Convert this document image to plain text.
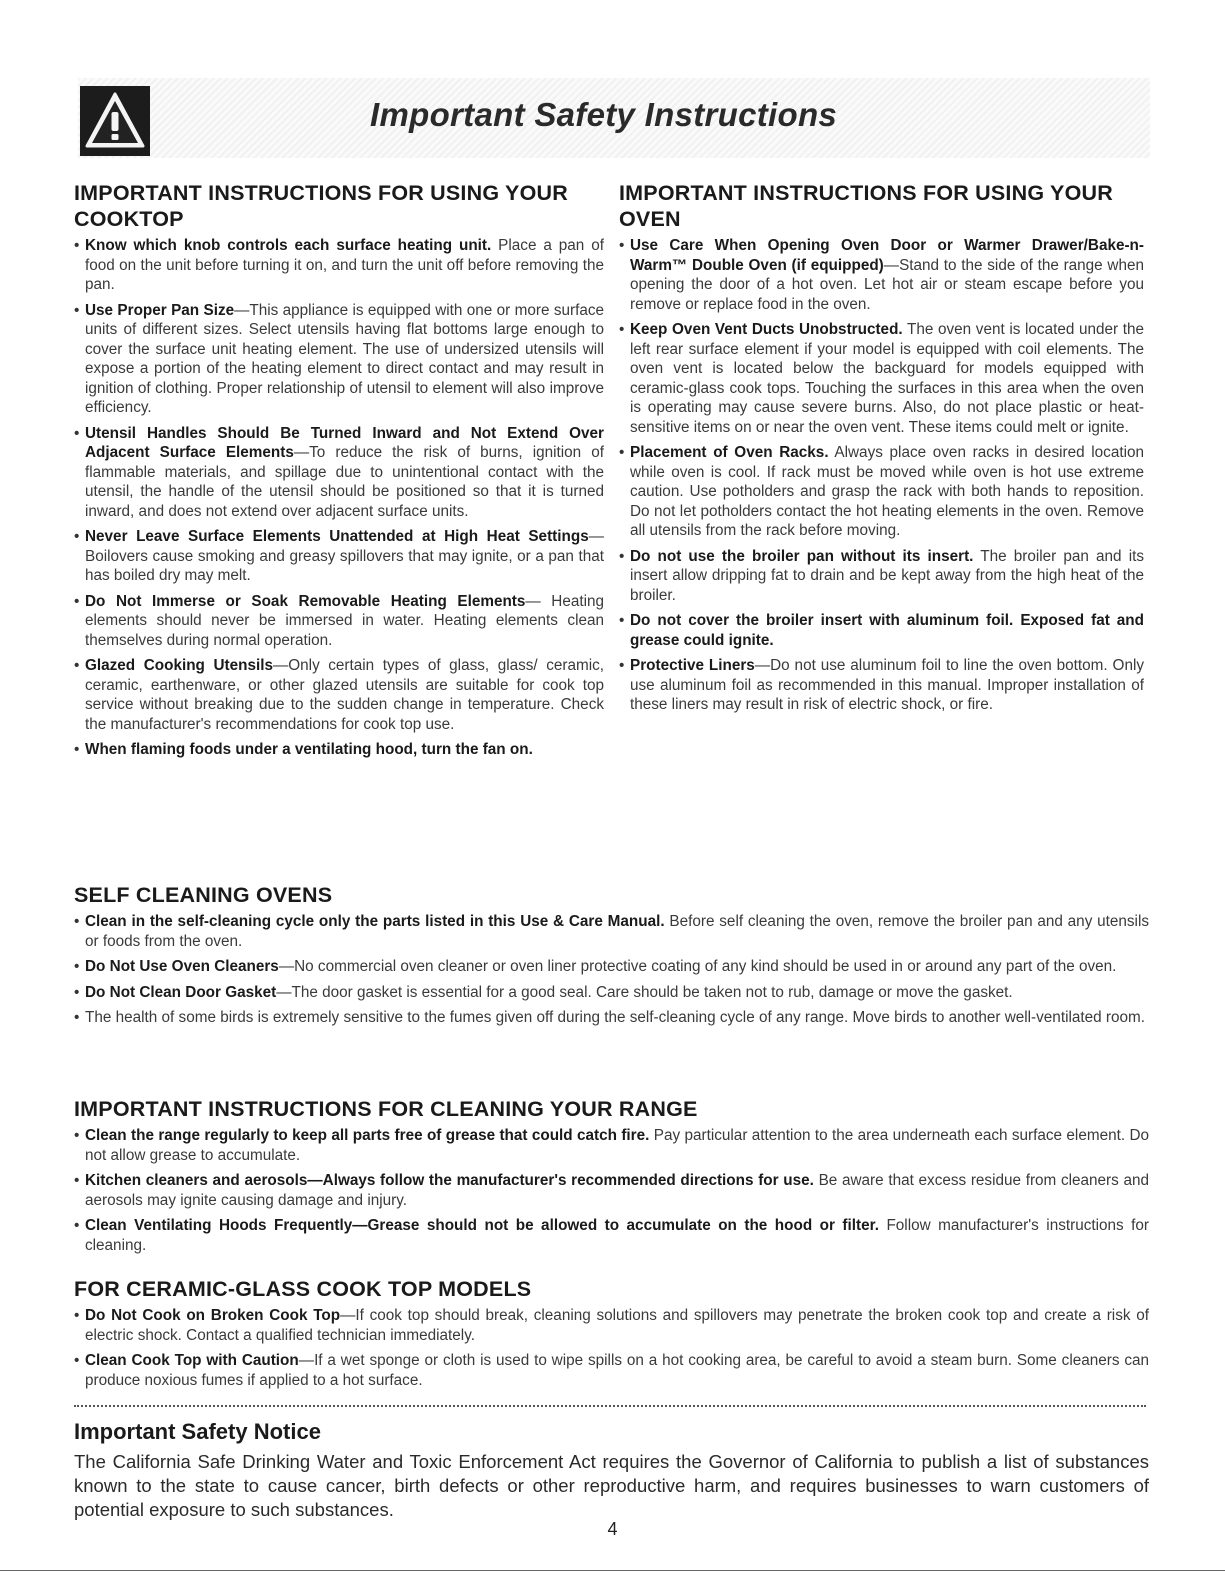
Important Safety Instructions
IMPORTANT INSTRUCTIONS FOR USING YOUR COOKTOP
• Know which knob controls each surface heating unit. Place a pan of food on the unit before turning it on, and turn the unit off before removing the pan.
• Use Proper Pan Size—This appliance is equipped with one or more surface units of different sizes. Select utensils having flat bottoms large enough to cover the surface unit heating element. The use of undersized utensils will expose a portion of the heating element to direct contact and may result in ignition of clothing. Proper relationship of utensil to element will also improve efficiency.
• Utensil Handles Should Be Turned Inward and Not Extend Over Adjacent Surface Elements—To reduce the risk of burns, ignition of flammable materials, and spillage due to unintentional contact with the utensil, the handle of the utensil should be positioned so that it is turned inward, and does not extend over adjacent surface units.
• Never Leave Surface Elements Unattended at High Heat Settings—Boilovers cause smoking and greasy spillovers that may ignite, or a pan that has boiled dry may melt.
• Do Not Immerse or Soak Removable Heating Elements— Heating elements should never be immersed in water. Heating elements clean themselves during normal operation.
• Glazed Cooking Utensils—Only certain types of glass, glass/ ceramic, ceramic, earthenware, or other glazed utensils are suitable for cook top service without breaking due to the sudden change in temperature. Check the manufacturer's recommendations for cook top use.
• When flaming foods under a ventilating hood, turn the fan on.
IMPORTANT INSTRUCTIONS FOR USING YOUR OVEN
• Use Care When Opening Oven Door or Warmer Drawer/Bake-n-Warm™ Double Oven (if equipped)—Stand to the side of the range when opening the door of a hot oven. Let hot air or steam escape before you remove or replace food in the oven.
• Keep Oven Vent Ducts Unobstructed. The oven vent is located under the left rear surface element if your model is equipped with coil elements. The oven vent is located below the backguard for models equipped with ceramic-glass cook tops. Touching the surfaces in this area when the oven is operating may cause severe burns. Also, do not place plastic or heat-sensitive items on or near the oven vent. These items could melt or ignite.
• Placement of Oven Racks. Always place oven racks in desired location while oven is cool. If rack must be moved while oven is hot use extreme caution. Use potholders and grasp the rack with both hands to reposition. Do not let potholders contact the hot heating elements in the oven. Remove all utensils from the rack before moving.
• Do not use the broiler pan without its insert. The broiler pan and its insert allow dripping fat to drain and be kept away from the high heat of the broiler.
• Do not cover the broiler insert with aluminum foil. Exposed fat and grease could ignite.
• Protective Liners—Do not use aluminum foil to line the oven bottom. Only use aluminum foil as recommended in this manual. Improper installation of these liners may result in risk of electric shock, or fire.
SELF CLEANING OVENS
• Clean in the self-cleaning cycle only the parts listed in this Use & Care Manual. Before self cleaning the oven, remove the broiler pan and any utensils or foods from the oven.
• Do Not Use Oven Cleaners—No commercial oven cleaner or oven liner protective coating of any kind should be used in or around any part of the oven.
• Do Not Clean Door Gasket—The door gasket is essential for a good seal. Care should be taken not to rub, damage or move the gasket.
• The health of some birds is extremely sensitive to the fumes given off during the self-cleaning cycle of any range. Move birds to another well-ventilated room.
IMPORTANT INSTRUCTIONS FOR CLEANING YOUR RANGE
• Clean the range regularly to keep all parts free of grease that could catch fire. Pay particular attention to the area underneath each surface element. Do not allow grease to accumulate.
• Kitchen cleaners and aerosols—Always follow the manufacturer's recommended directions for use. Be aware that excess residue from cleaners and aerosols may ignite causing damage and injury.
• Clean Ventilating Hoods Frequently—Grease should not be allowed to accumulate on the hood or filter. Follow manufacturer's instructions for cleaning.
FOR CERAMIC-GLASS COOK TOP MODELS
• Do Not Cook on Broken Cook Top—If cook top should break, cleaning solutions and spillovers may penetrate the broken cook top and create a risk of electric shock. Contact a qualified technician immediately.
• Clean Cook Top with Caution—If a wet sponge or cloth is used to wipe spills on a hot cooking area, be careful to avoid a steam burn. Some cleaners can produce noxious fumes if applied to a hot surface.
Important Safety Notice

The California Safe Drinking Water and Toxic Enforcement Act requires the Governor of California to publish a list of substances known to the state to cause cancer, birth defects or other reproductive harm, and requires businesses to warn customers of potential exposure to such substances.

4
